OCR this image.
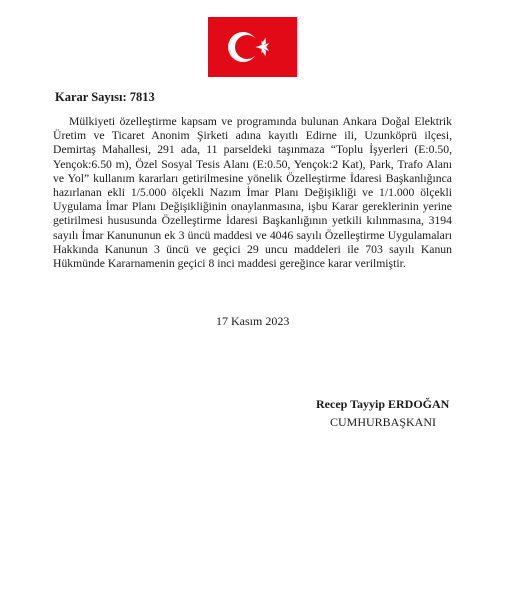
Karar Sayısı: 7813

Mülkiyeti özelleştirme kapsam ve programında bulunan Ankara Doğal Elektrik Üretim ve Ticaret Anonim Şirketi adına kayıtlı Edirne ili, Uzunköprü ilçesi, Demirtaş Mahallesi, 291 ada, 11 parseldeki taşınmaza “Toplu İşyerleri (E:0.50, Yençok:6.50 m), Özel Sosyal Tesis Alanı (E:0.50, Yençok:2 Kat), Park, Trafo Alanı ve Yol” kullanım kararları getirilmesine yönelik Özelleştirme İdaresi Başkanlığınca hazırlanan ekli 1/5.000 ölçekli Nazım İmar Planı Değişikliği ve 1/1.000 ölçekli Uygulama İmar Planı Değişikliğinin onaylanmasına, işbu Karar gereklerinin yerine getirilmesi hususunda Özelleştirme İdaresi Başkanlığının yetkili kılınmasına, 3194 sayılı İmar Kanununun ek 3 üncü maddesi ve 4046 sayılı Özelleştirme Uygulamaları Hakkında Kanunun 3 üncü ve geçici 29 uncu maddeleri ile 703 sayılı Kanun Hükmünde Kararnamenin geçici 8 inci maddesi gereğince karar verilmiştir.

17 Kasım 2023
Recep Tayyip ERDOĞAN
CUMHURBAŞKANI
